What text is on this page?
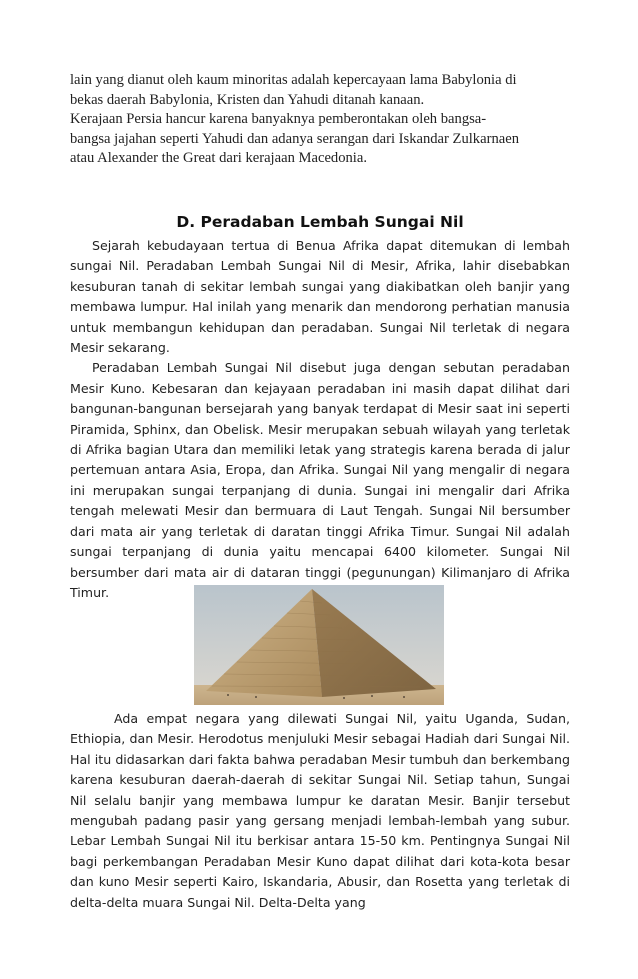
lain yang dianut oleh kaum minoritas adalah kepercayaan lama Babylonia di

bekas daerah Babylonia, Kristen dan Yahudi ditanah kanaan.

Kerajaan Persia hancur karena banyaknya pemberontakan oleh bangsa-

bangsa jajahan seperti Yahudi dan adanya serangan dari Iskandar Zulkarnaen

atau Alexander the Great dari kerajaan Macedonia.

D. Peradaban Lembah Sungai Nil

Sejarah kebudayaan tertua di Benua Afrika dapat ditemukan di lembah sungai Nil. Peradaban Lembah Sungai Nil di Mesir, Afrika, lahir disebabkan kesuburan tanah di sekitar lembah sungai yang diakibatkan oleh banjir yang membawa lumpur. Hal inilah yang menarik dan mendorong perhatian manusia untuk membangun kehidupan dan peradaban. Sungai Nil terletak di negara Mesir sekarang.

Peradaban Lembah Sungai Nil disebut juga dengan sebutan peradaban Mesir Kuno. Kebesaran dan kejayaan peradaban ini masih dapat dilihat dari bangunan-bangunan bersejarah yang banyak terdapat di Mesir saat ini seperti Piramida, Sphinx, dan Obelisk. Mesir merupakan sebuah wilayah yang terletak di Afrika bagian Utara dan memiliki letak yang strategis karena berada di jalur pertemuan antara Asia, Eropa, dan Afrika. Sungai Nil yang mengalir di negara ini merupakan sungai terpanjang di dunia. Sungai ini mengalir dari Afrika tengah melewati Mesir dan bermuara di Laut Tengah. Sungai Nil bersumber dari mata air yang terletak di daratan tinggi Afrika Timur. Sungai Nil adalah sungai terpanjang di dunia yaitu mencapai 6400 kilometer. Sungai Nil bersumber dari mata air di dataran tinggi (pegunungan) Kilimanjaro di Afrika Timur.

Ada empat negara yang dilewati Sungai Nil, yaitu Uganda, Sudan, Ethiopia, dan Mesir. Herodotus menjuluki Mesir sebagai Hadiah dari Sungai Nil. Hal itu didasarkan dari fakta bahwa peradaban Mesir tumbuh dan berkembang karena kesuburan daerah-daerah di sekitar Sungai Nil. Setiap tahun, Sungai Nil selalu banjir yang membawa lumpur ke daratan Mesir. Banjir tersebut mengubah padang pasir yang gersang menjadi lembah-lembah yang subur. Lebar Lembah Sungai Nil itu berkisar antara 15-50 km. Pentingnya Sungai Nil bagi perkembangan Peradaban Mesir Kuno dapat dilihat dari kota-kota besar dan kuno Mesir seperti Kairo, Iskandaria, Abusir, dan Rosetta yang terletak di delta-delta muara Sungai Nil. Delta-Delta yang
